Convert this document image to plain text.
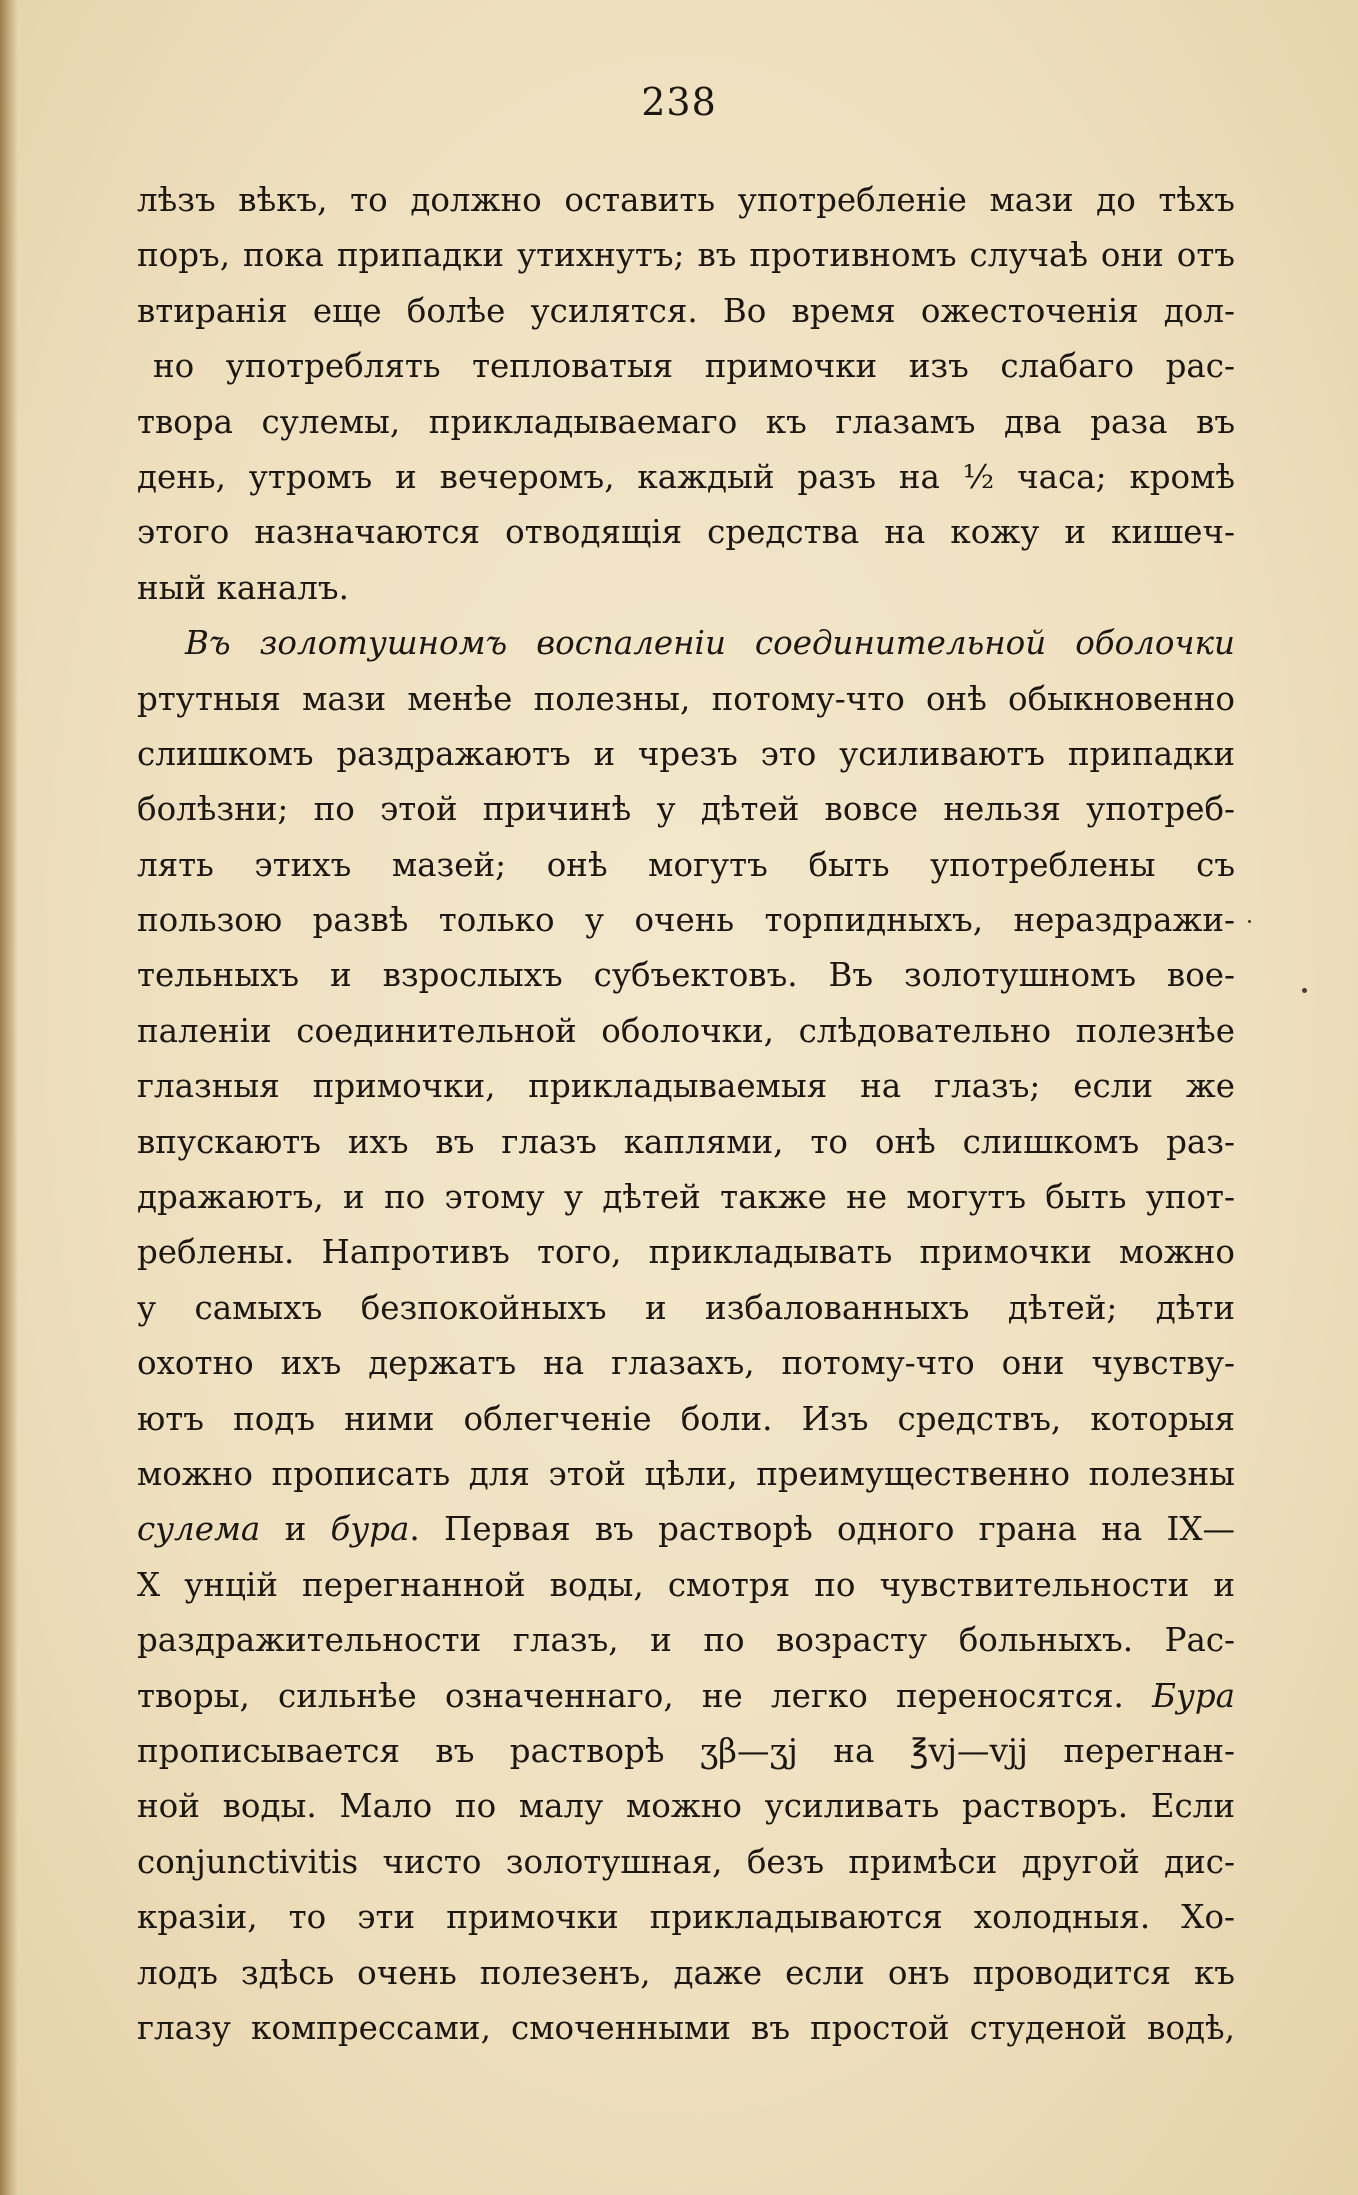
238
лѣзъ вѣкъ, то должно оставить употребленіе мази до тѣхъ
поръ, пока припадки утихнутъ; въ противномъ случаѣ они отъ
втиранія еще болѣе усилятся. Во время ожесточенія дол-
но употреблять тепловатыя примочки изъ слабаго рас-
твора сулемы, прикладываемаго къ глазамъ два раза въ
день, утромъ и вечеромъ, каждый разъ на ½ часа; кромѣ
этого назначаются отводящія средства на кожу и кишеч-
ный каналъ.
Въ золотушномъ воспаленіи соединительной оболочки
ртутныя мази менѣе полезны, потому-что онѣ обыкновенно
слишкомъ раздражаютъ и чрезъ это усиливаютъ припадки
болѣзни; по этой причинѣ у дѣтей вовсе нельзя употреб-
лять этихъ мазей; онѣ могутъ быть употреблены съ
пользою развѣ только у очень торпидныхъ, нераздражи-
тельныхъ и взрослыхъ субъектовъ. Въ золотушномъ вое-
паленіи соединительной оболочки, слѣдовательно полезнѣе
глазныя примочки, прикладываемыя на глазъ; если же
впускаютъ ихъ въ глазъ каплями, то онѣ слишкомъ раз-
дражаютъ, и по этому у дѣтей также не могутъ быть упот-
реблены. Напротивъ того, прикладывать примочки можно
у самыхъ безпокойныхъ и избалованныхъ дѣтей; дѣти
охотно ихъ держатъ на глазахъ, потому-что они чувству-
ютъ подъ ними облегченіе боли. Изъ средствъ, которыя
можно прописать для этой цѣли, преимущественно полезны
сулема и бура. Первая въ растворѣ одного грана на IX—
X унцій перегнанной воды, смотря по чувствительности и
раздражительности глазъ, и по возрасту больныхъ. Рас-
творы, сильнѣе означеннаго, не легко переносятся. Бура
прописывается въ растворѣ ʒβ—ʒj на ℥vj—vjj перегнан-
ной воды. Мало по малу можно усиливать растворъ. Если
conjunctivitis чисто золотушная, безъ примѣси другой дис-
кразіи, то эти примочки прикладываются холодныя. Хо-
лодъ здѣсь очень полезенъ, даже если онъ проводится къ
глазу компрессами, смоченными въ простой студеной водѣ,
